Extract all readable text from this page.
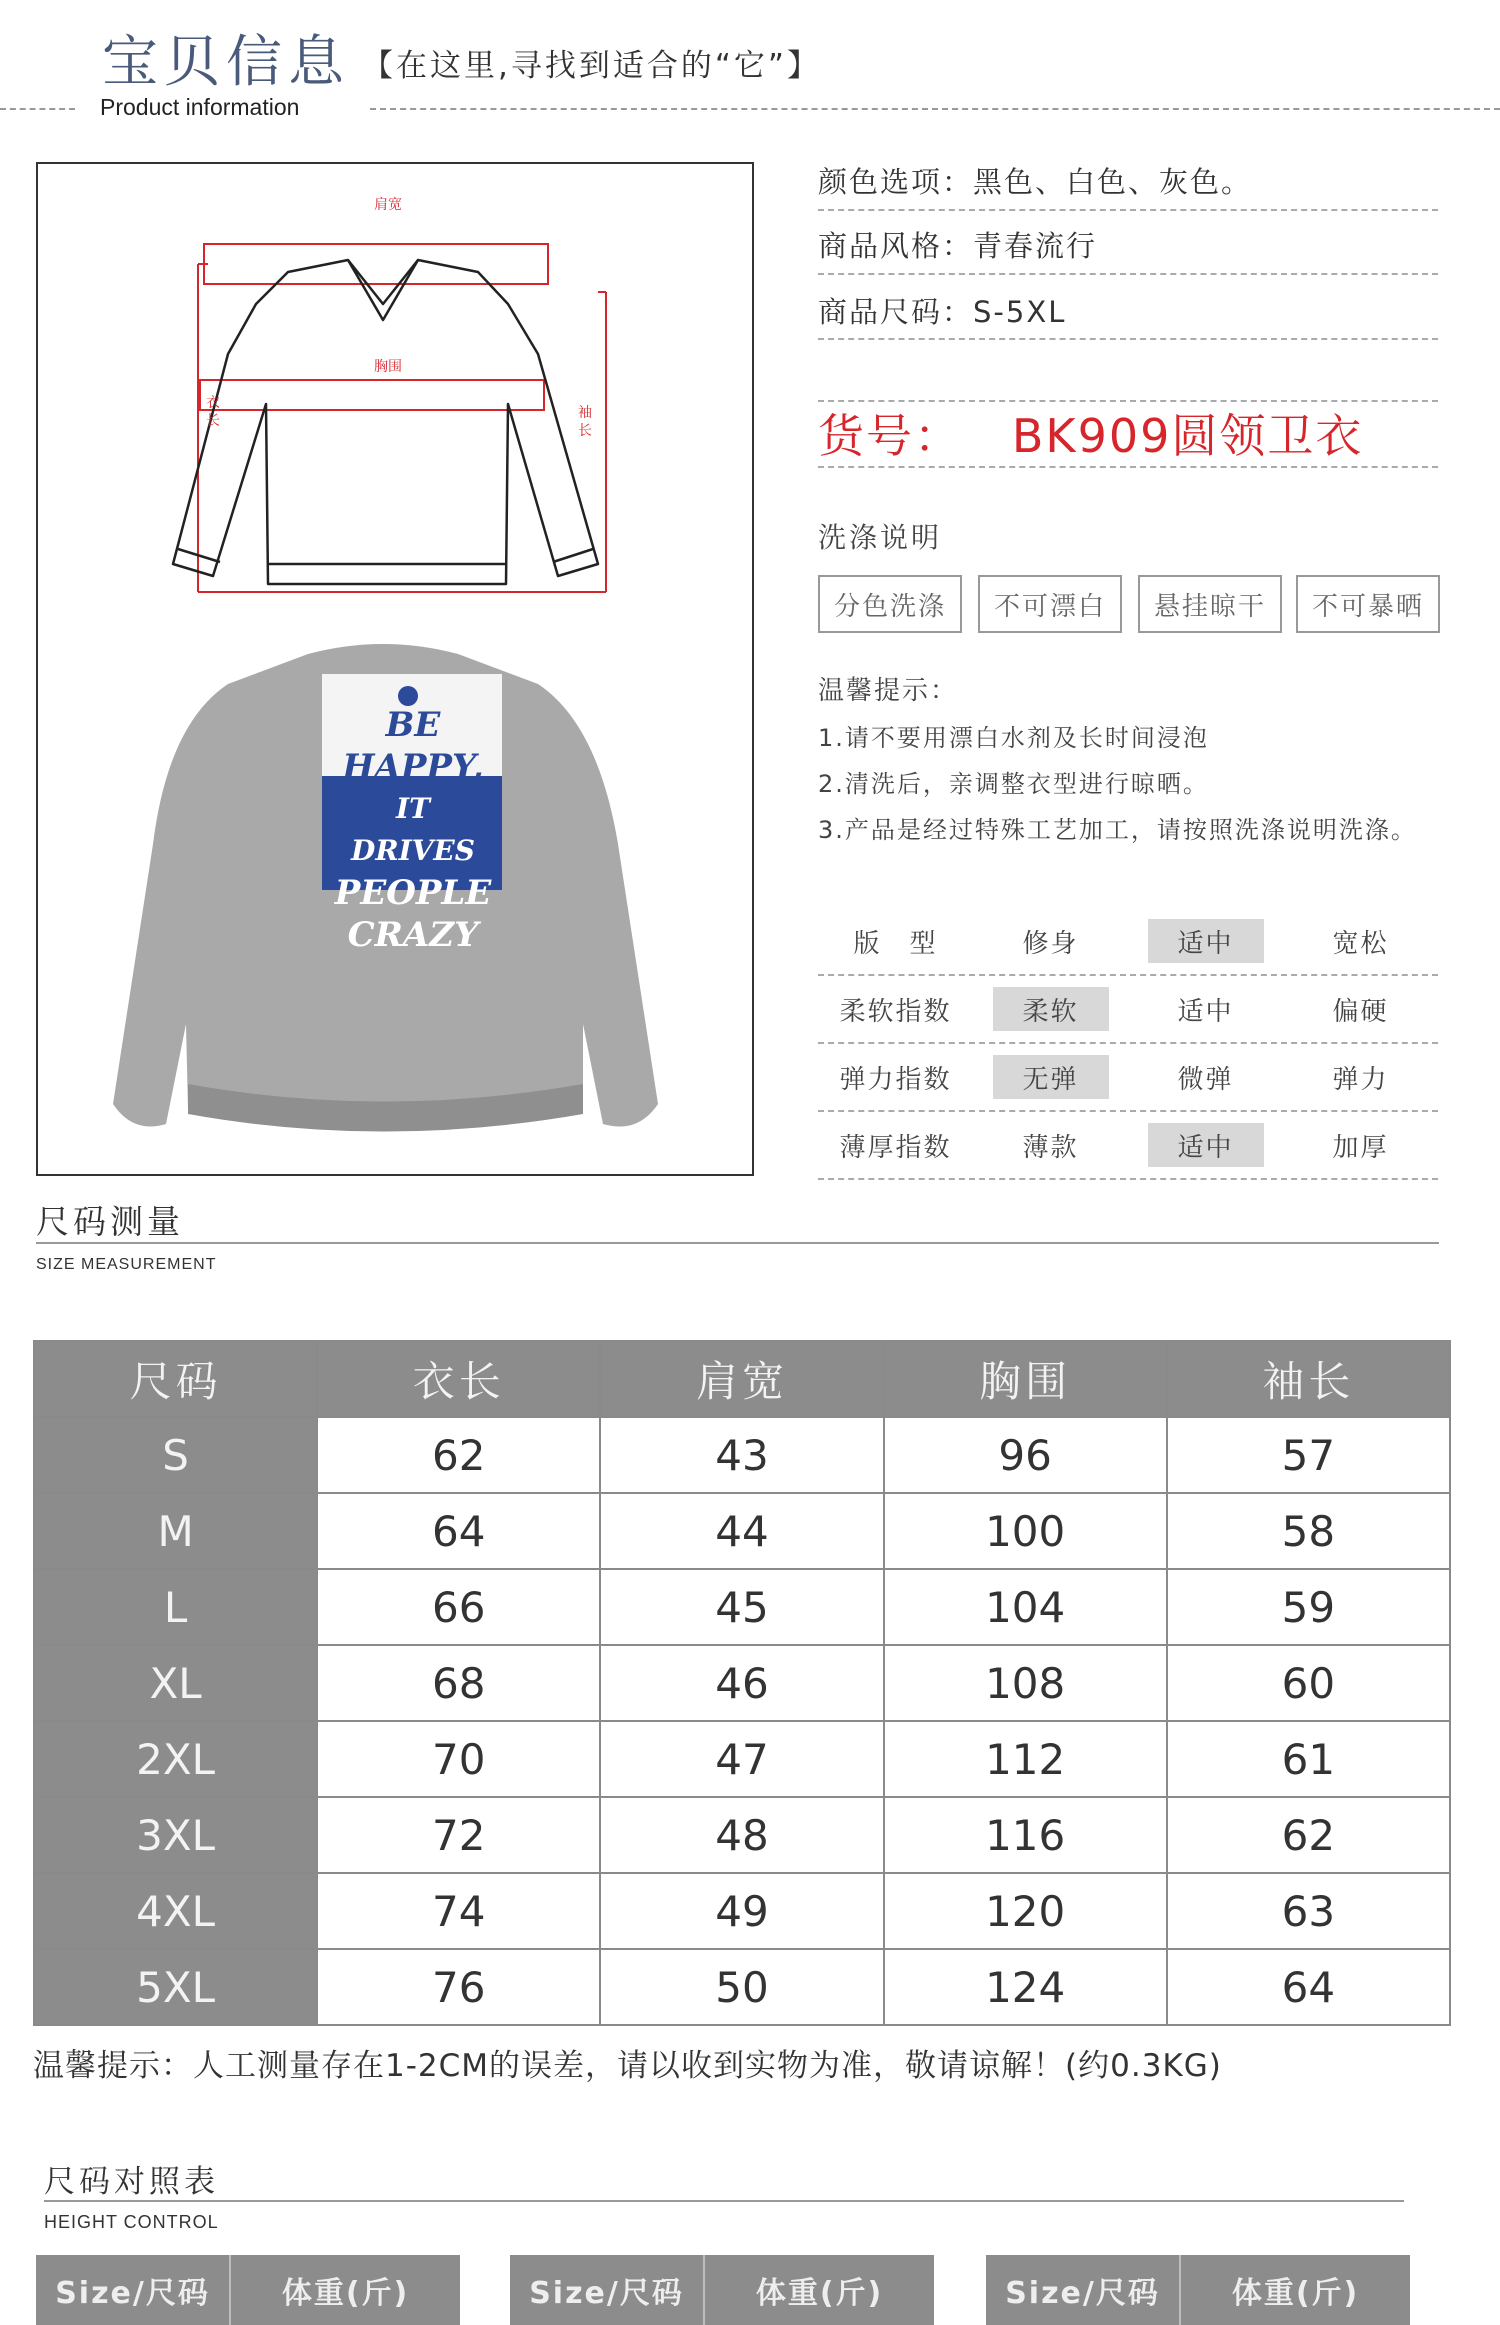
宝贝信息 【在这里,寻找到适合的“它”】
Product information
肩宽
胸围
衣长	袖长
BE
HAPPY,
IT DRIVES
PEOPLE
CRAZY
颜色选项：黑色、白色、灰色。
商品风格：青春流行
商品尺码：S-5XL
货号：   BK909圆领卫衣
洗涤说明
分色洗涤	不可漂白	悬挂晾干	不可暴晒
温馨提示：
1.请不要用漂白水剂及长时间浸泡
2.清洗后，亲调整衣型进行晾晒。
3.产品是经过特殊工艺加工，请按照洗涤说明洗涤。
版　型	修身	适中	宽松
柔软指数	柔软	适中	偏硬
弹力指数	无弹	微弹	弹力
薄厚指数	薄款	适中	加厚
尺码测量
SIZE MEASUREMENT
尺码	衣长	肩宽	胸围	袖长
S	62	43	96	57
M	64	44	100	58
L	66	45	104	59
XL	68	46	108	60
2XL	70	47	112	61
3XL	72	48	116	62
4XL	74	49	120	63
5XL	76	50	124	64
温馨提示：人工测量存在1-2CM的误差，请以收到实物为准，敬请谅解！(约0.3KG)
尺码对照表
HEIGHT CONTROL
Size/尺码	体重(斤)	Size/尺码	体重(斤)	Size/尺码	体重(斤)
